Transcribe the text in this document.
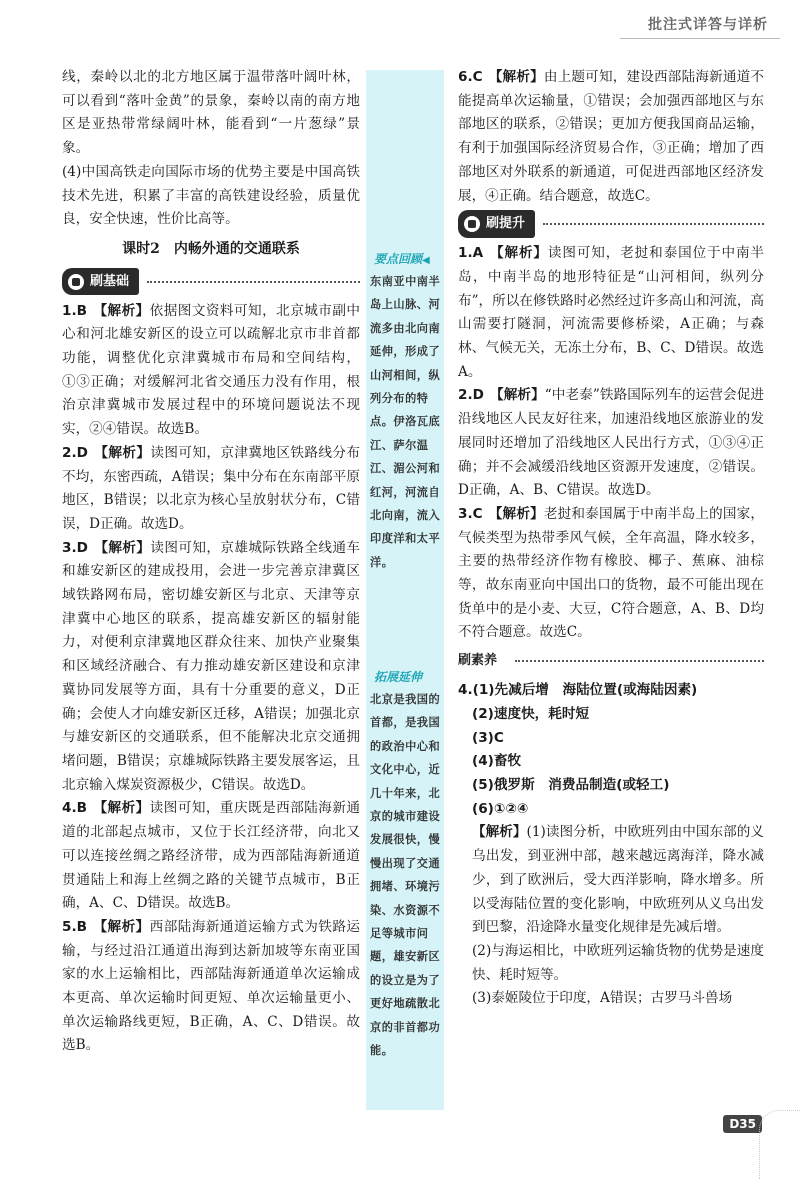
批注式详答与详析

线，秦岭以北的北方地区属于温带落叶阔叶林，可以看到“落叶金黄”的景象，秦岭以南的南方地区是亚热带常绿阔叶林，能看到“一片葱绿”景象。

(4)中国高铁走向国际市场的优势主要是中国高铁技术先进，积累了丰富的高铁建设经验，质量优良，安全快速，性价比高等。

课时2　内畅外通的交通联系
刷基础

1.B 【解析】依据图文资料可知，北京城市副中心和河北雄安新区的设立可以疏解北京市非首都功能，调整优化京津冀城市布局和空间结构，①③正确；对缓解河北省交通压力没有作用，根治京津冀城市发展过程中的环境问题说法不现实，②④错误。故选B。

2.D 【解析】读图可知，京津冀地区铁路线分布不均，东密西疏，A错误；集中分布在东南部平原地区，B错误；以北京为核心呈放射状分布，C错误，D正确。故选D。

3.D 【解析】读图可知，京雄城际铁路全线通车和雄安新区的建成投用，会进一步完善京津冀区域铁路网布局，密切雄安新区与北京、天津等京津冀中心地区的联系，提高雄安新区的辐射能力，对便利京津冀地区群众往来、加快产业聚集和区域经济融合、有力推动雄安新区建设和京津冀协同发展等方面，具有十分重要的意义，D正确；会使人才向雄安新区迁移，A错误；加强北京与雄安新区的交通联系，但不能解决北京交通拥堵问题，B错误；京雄城际铁路主要发展客运，且北京输入煤炭资源极少，C错误。故选D。

4.B 【解析】读图可知，重庆既是西部陆海新通道的北部起点城市，又位于长江经济带，向北又可以连接丝绸之路经济带，成为西部陆海新通道贯通陆上和海上丝绸之路的关键节点城市，B正确，A、C、D错误。故选B。

5.B 【解析】西部陆海新通道运输方式为铁路运输，与经过沿江通道出海到达新加坡等东南亚国家的水上运输相比，西部陆海新通道单次运输成本更高、单次运输时间更短、单次运输量更小、单次运输路线更短，B正确，A、C、D错误。故选B。

要点回顾◀
东南亚中南半岛上山脉、河流多由北向南延伸，形成了山河相间，纵列分布的特点。伊洛瓦底江、萨尔温江、湄公河和红河，河流自北向南，流入印度洋和太平洋。
拓展延伸
北京是我国的首都，是我国的政治中心和文化中心，近几十年来，北京的城市建设发展很快，慢慢出现了交通拥堵、环境污染、水资源不足等城市问题，雄安新区的设立是为了更好地疏散北京的非首都功能。

6.C 【解析】由上题可知，建设西部陆海新通道不能提高单次运输量，①错误；会加强西部地区与东部地区的联系，②错误；更加方便我国商品运输，有利于加强国际经济贸易合作，③正确；增加了西部地区对外联系的新通道，可促进西部地区经济发展，④正确。结合题意，故选C。

刷提升

1.A 【解析】读图可知，老挝和泰国位于中南半岛，中南半岛的地形特征是“山河相间，纵列分布”，所以在修铁路时必然经过许多高山和河流，高山需要打隧洞，河流需要修桥梁，A正确；与森林、气候无关，无冻土分布，B、C、D错误。故选A。

2.D 【解析】“中老泰”铁路国际列车的运营会促进沿线地区人民友好往来，加速沿线地区旅游业的发展同时还增加了沿线地区人民出行方式，①③④正确；并不会减缓沿线地区资源开发速度，②错误。D正确，A、B、C错误。故选D。

3.C 【解析】老挝和泰国属于中南半岛上的国家，气候类型为热带季风气候，全年高温，降水较多，主要的热带经济作物有橡胶、椰子、蕉麻、油棕等，故东南亚向中国出口的货物，最不可能出现在货单中的是小麦、大豆，C符合题意，A、B、D均不符合题意。故选C。

刷素养

4.(1)先减后增　海陆位置(或海陆因素)

(2)速度快，耗时短

(3)C

(4)畜牧

(5)俄罗斯　消费品制造(或轻工)

(6)①②④

【解析】(1)读图分析，中欧班列由中国东部的义乌出发，到亚洲中部，越来越远离海洋，降水减少，到了欧洲后，受大西洋影响，降水增多。所以受海陆位置的变化影响，中欧班列从义乌出发到巴黎，沿途降水量变化规律是先减后增。

(2)与海运相比，中欧班列运输货物的优势是速度快、耗时短等。

(3)泰姬陵位于印度，A错误；古罗马斗兽场

D35
